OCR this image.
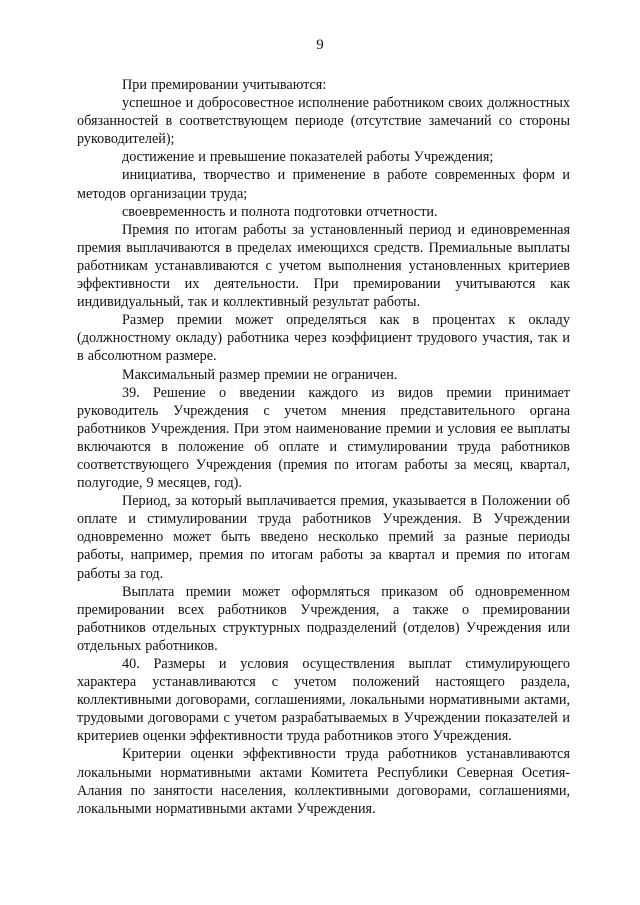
9

При премировании учитываются:

успешное и добросовестное исполнение работником своих должностных обязанностей в соответствующем периоде (отсутствие замечаний со стороны руководителей);

достижение и превышение показателей работы Учреждения;

инициатива, творчество и применение в работе современных форм и методов организации труда;

своевременность и полнота подготовки отчетности.

Премия по итогам работы за установленный период и единовременная премия выплачиваются в пределах имеющихся средств. Премиальные выплаты работникам устанавливаются с учетом выполнения установленных критериев эффективности их деятельности. При премировании учитываются как индивидуальный, так и коллективный результат работы.

Размер премии может определяться как в процентах к окладу (должностному окладу) работника через коэффициент трудового участия, так и в абсолютном размере.

Максимальный размер премии не ограничен.

39. Решение о введении каждого из видов премии принимает руководитель Учреждения с учетом мнения представительного органа работников Учреждения. При этом наименование премии и условия ее выплаты включаются в положение об оплате и стимулировании труда работников соответствующего Учреждения (премия по итогам работы за месяц, квартал, полугодие, 9 месяцев, год).

Период, за который выплачивается премия, указывается в Положении об оплате и стимулировании труда работников Учреждения. В Учреждении одновременно может быть введено несколько премий за разные периоды работы, например, премия по итогам работы за квартал и премия по итогам работы за год.

Выплата премии может оформляться приказом об одновременном премировании всех работников Учреждения, а также о премировании работников отдельных структурных подразделений (отделов) Учреждения или отдельных работников.

40. Размеры и условия осуществления выплат стимулирующего характера устанавливаются с учетом положений настоящего раздела, коллективными договорами, соглашениями, локальными нормативными актами, трудовыми договорами с учетом разрабатываемых в Учреждении показателей и критериев оценки эффективности труда работников этого Учреждения.

Критерии оценки эффективности труда работников устанавливаются локальными нормативными актами Комитета Республики Северная Осетия-Алания по занятости населения, коллективными договорами, соглашениями, локальными нормативными актами Учреждения.
